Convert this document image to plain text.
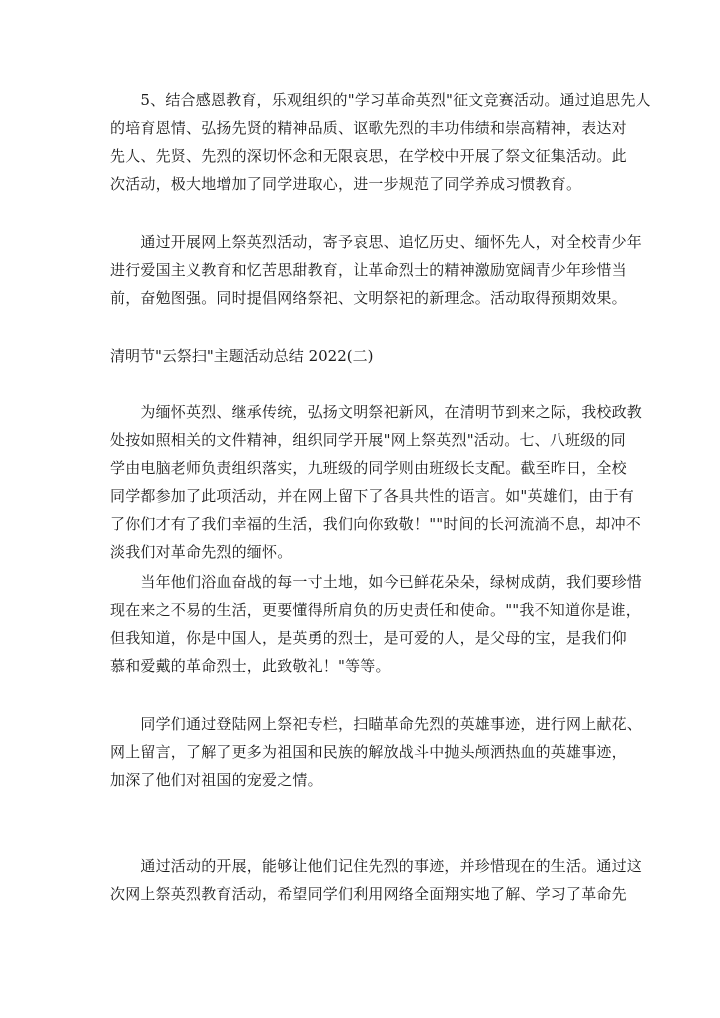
　　5、结合感恩教育，乐观组织的"学习革命英烈"征文竞赛活动。通过追思先人
的培育恩情、弘扬先贤的精神品质、讴歌先烈的丰功伟绩和崇高精神，表达对
先人、先贤、先烈的深切怀念和无限哀思，在学校中开展了祭文征集活动。此
次活动，极大地增加了同学进取心，进一步规范了同学养成习惯教育。
　　通过开展网上祭英烈活动，寄予哀思、追忆历史、缅怀先人，对全校青少年
进行爱国主义教育和忆苦思甜教育，让革命烈士的精神激励宽阔青少年珍惜当
前，奋勉图强。同时提倡网络祭祀、文明祭祀的新理念。活动取得预期效果。
清明节"云祭扫"主题活动总结 2022(二)
　　为缅怀英烈、继承传统，弘扬文明祭祀新风，在清明节到来之际，我校政教
处按如照相关的文件精神，组织同学开展"网上祭英烈"活动。七、八班级的同
学由电脑老师负责组织落实，九班级的同学则由班级长支配。截至昨日，全校
同学都参加了此项活动，并在网上留下了各具共性的语言。如"英雄们，由于有
了你们才有了我们幸福的生活，我们向你致敬！""时间的长河流淌不息，却冲不
淡我们对革命先烈的缅怀。
　　当年他们浴血奋战的每一寸土地，如今已鲜花朵朵，绿树成荫，我们要珍惜
现在来之不易的生活，更要懂得所肩负的历史责任和使命。""我不知道你是谁，
但我知道，你是中国人，是英勇的烈士，是可爱的人，是父母的宝，是我们仰
慕和爱戴的革命烈士，此致敬礼！"等等。
　　同学们通过登陆网上祭祀专栏，扫瞄革命先烈的英雄事迹，进行网上献花、
网上留言，了解了更多为祖国和民族的解放战斗中抛头颅洒热血的英雄事迹，
加深了他们对祖国的宠爱之情。
　　通过活动的开展，能够让他们记住先烈的事迹，并珍惜现在的生活。通过这
次网上祭英烈教育活动，希望同学们利用网络全面翔实地了解、学习了革命先
